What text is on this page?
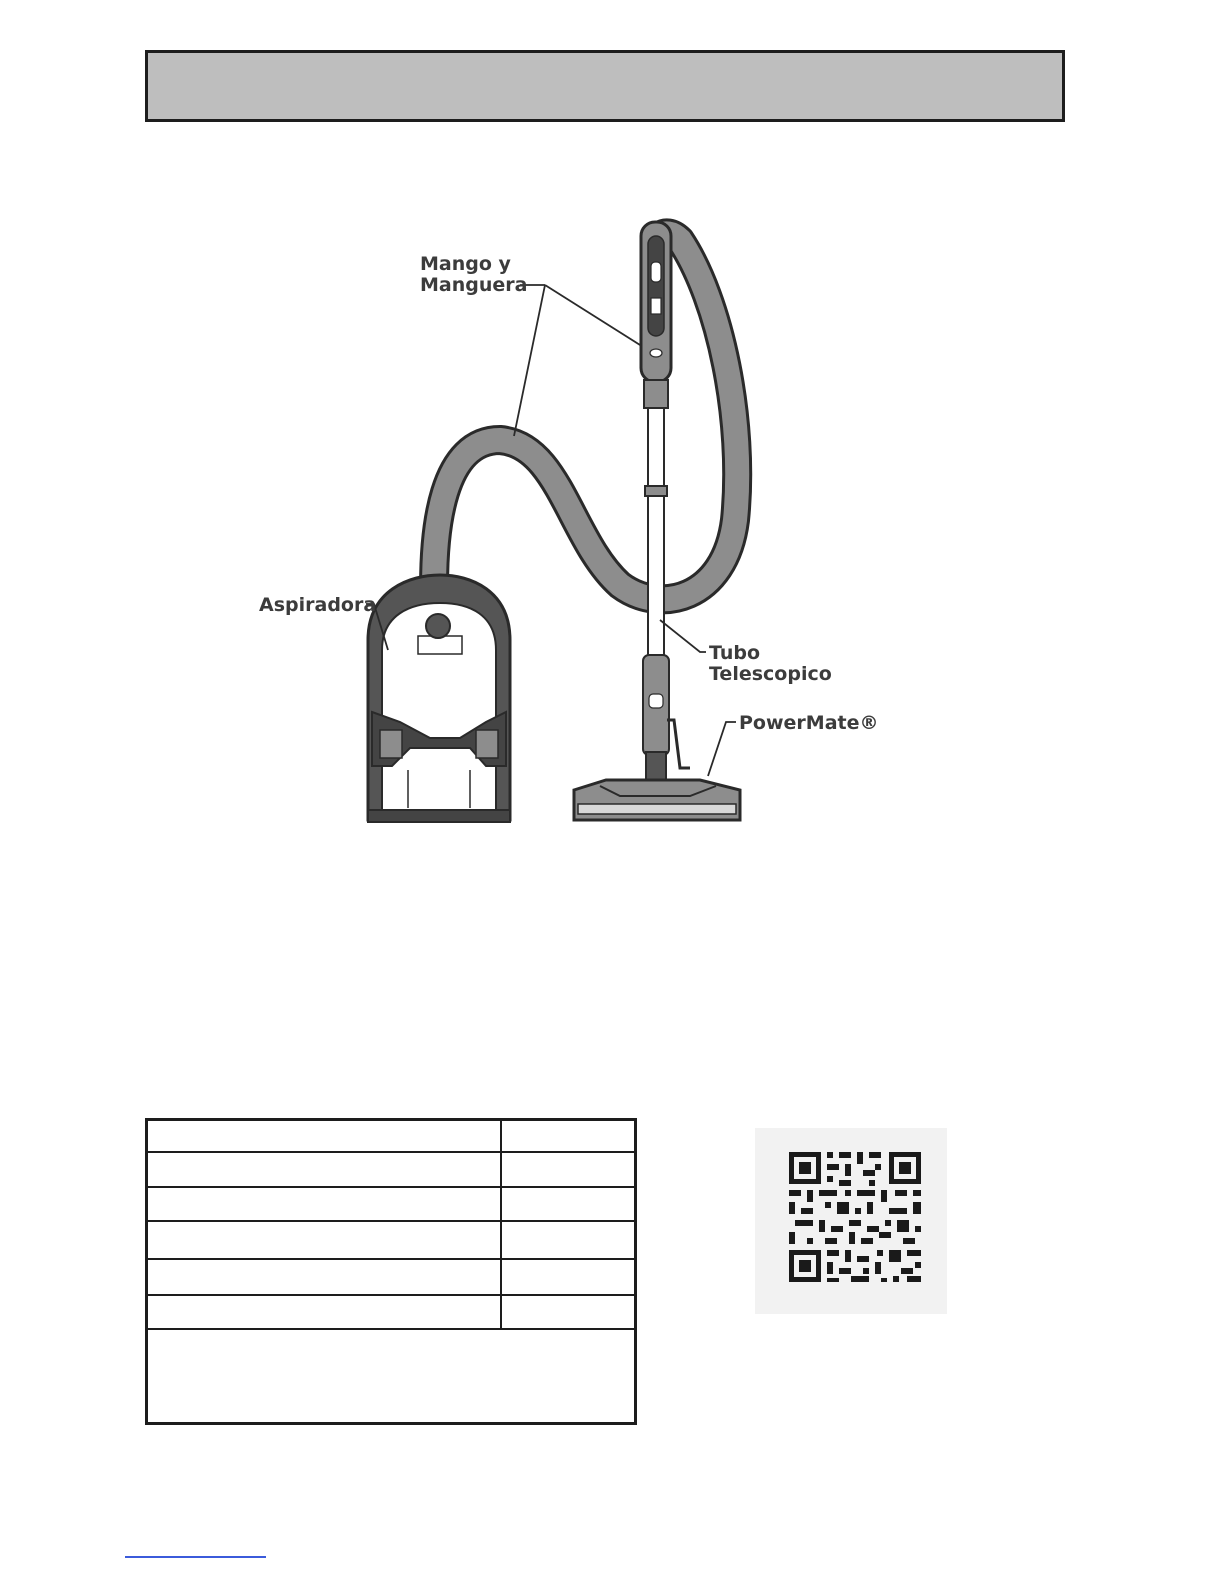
Mango y
Manguera
Aspiradora
Tubo
Telescopico
PowerMate®
